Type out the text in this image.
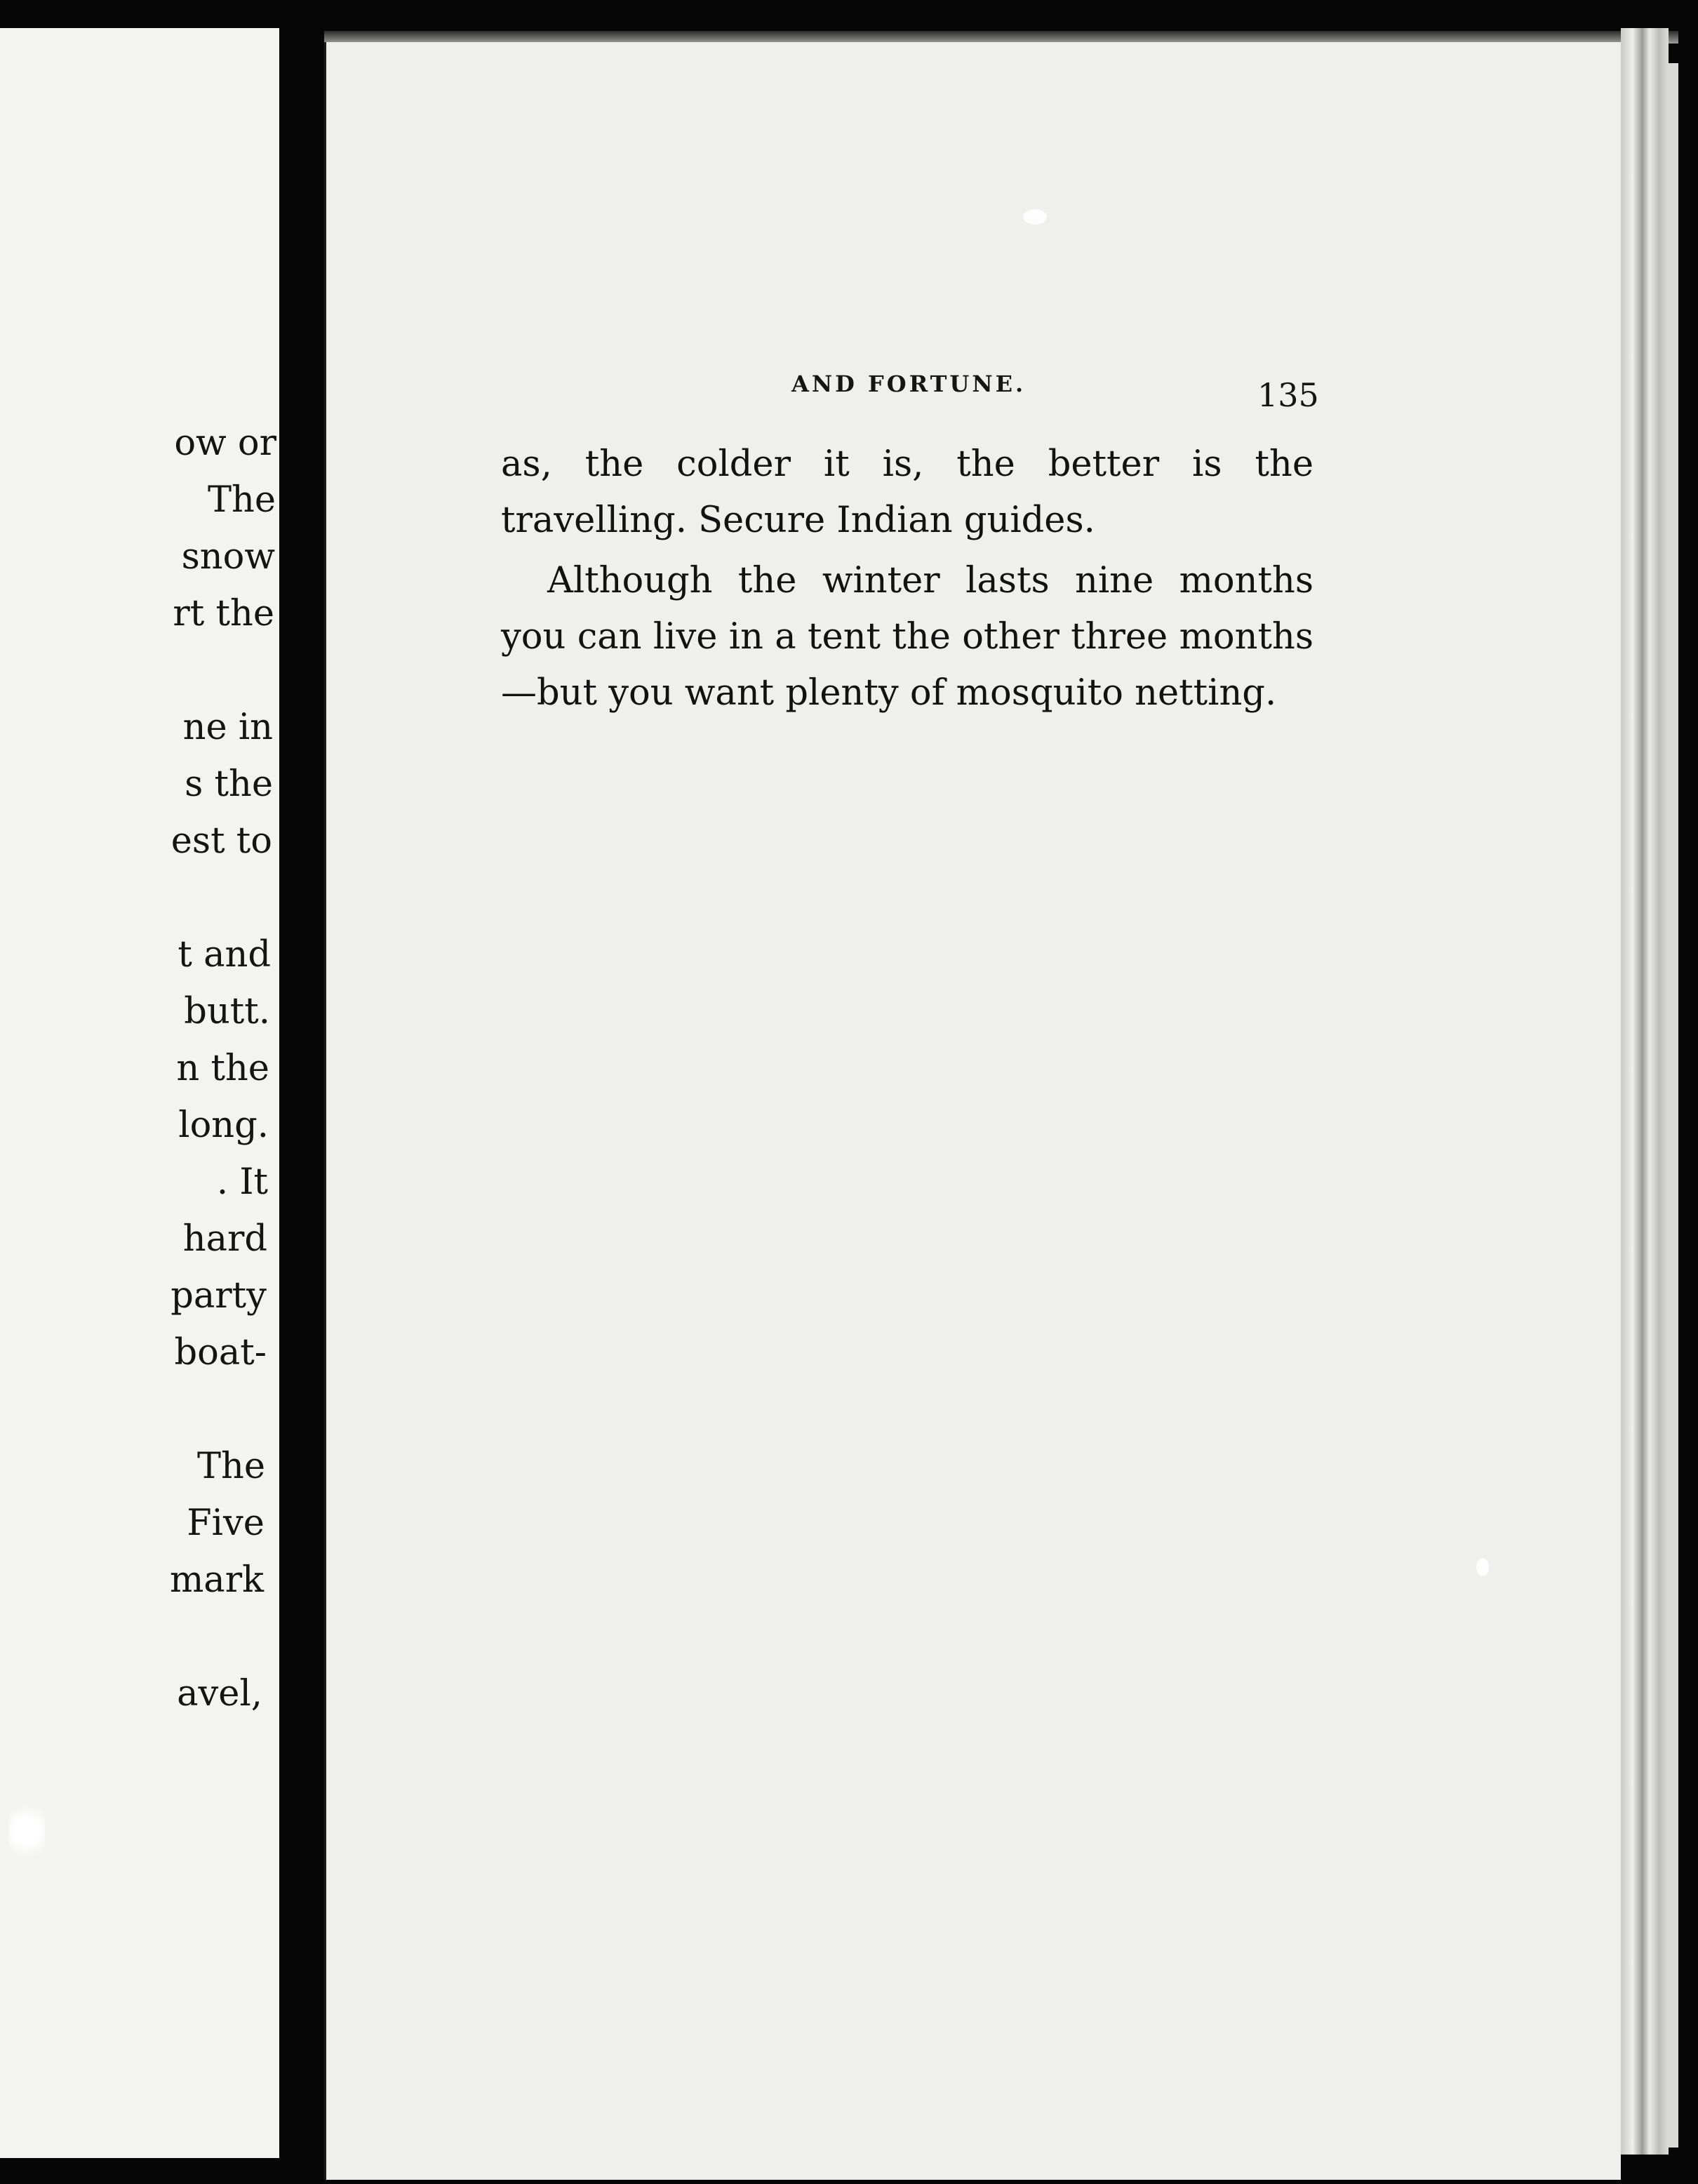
ow or
The
snow
rt the
ne in
s the
est to
t and
butt.
n the
long.
. It
hard
party
boat-
The
Five
mark
avel,
AND FORTUNE.	135

as, the colder it is, the better is the travelling. Secure Indian guides.

Although the winter lasts nine months you can live in a tent the other three months—but you want plenty of mosquito netting.
